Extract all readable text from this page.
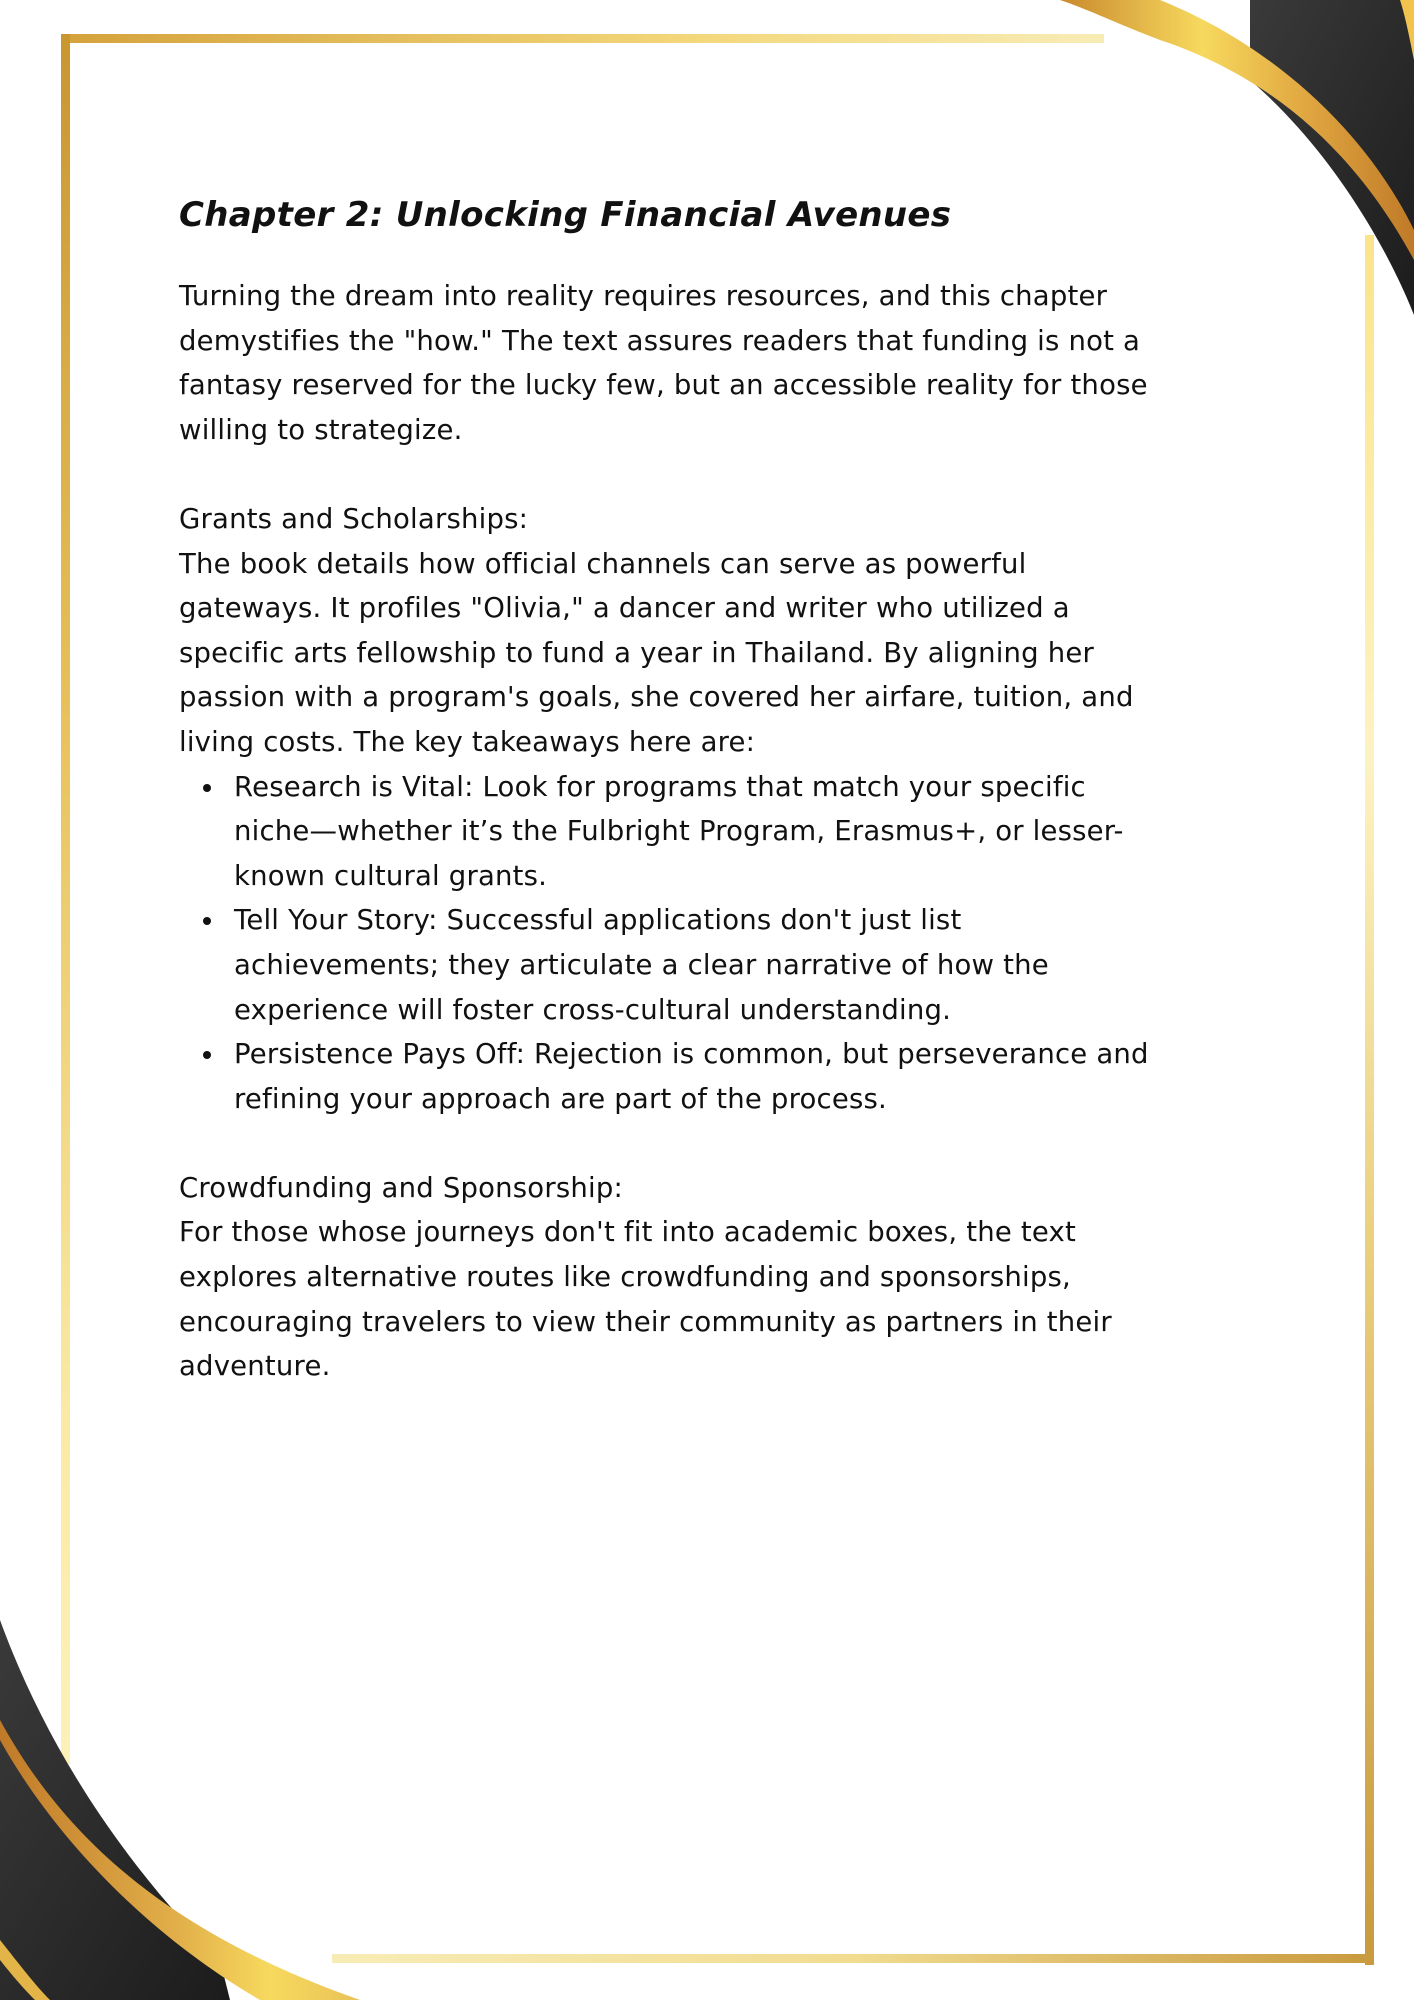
Chapter 2: Unlocking Financial Avenues
Turning the dream into reality requires resources, and this chapter
demystifies the "how." The text assures readers that funding is not a
fantasy reserved for the lucky few, but an accessible reality for those
willing to strategize.
Grants and Scholarships:
The book details how official channels can serve as powerful
gateways. It profiles "Olivia," a dancer and writer who utilized a
specific arts fellowship to fund a year in Thailand. By aligning her
passion with a program's goals, she covered her airfare, tuition, and
living costs. The key takeaways here are:
Research is Vital: Look for programs that match your specific
niche—whether it’s the Fulbright Program, Erasmus+, or lesser-
known cultural grants.
Tell Your Story: Successful applications don't just list
achievements; they articulate a clear narrative of how the
experience will foster cross-cultural understanding.
Persistence Pays Off: Rejection is common, but perseverance and
refining your approach are part of the process.
Crowdfunding and Sponsorship:
For those whose journeys don't fit into academic boxes, the text
explores alternative routes like crowdfunding and sponsorships,
encouraging travelers to view their community as partners in their
adventure.
